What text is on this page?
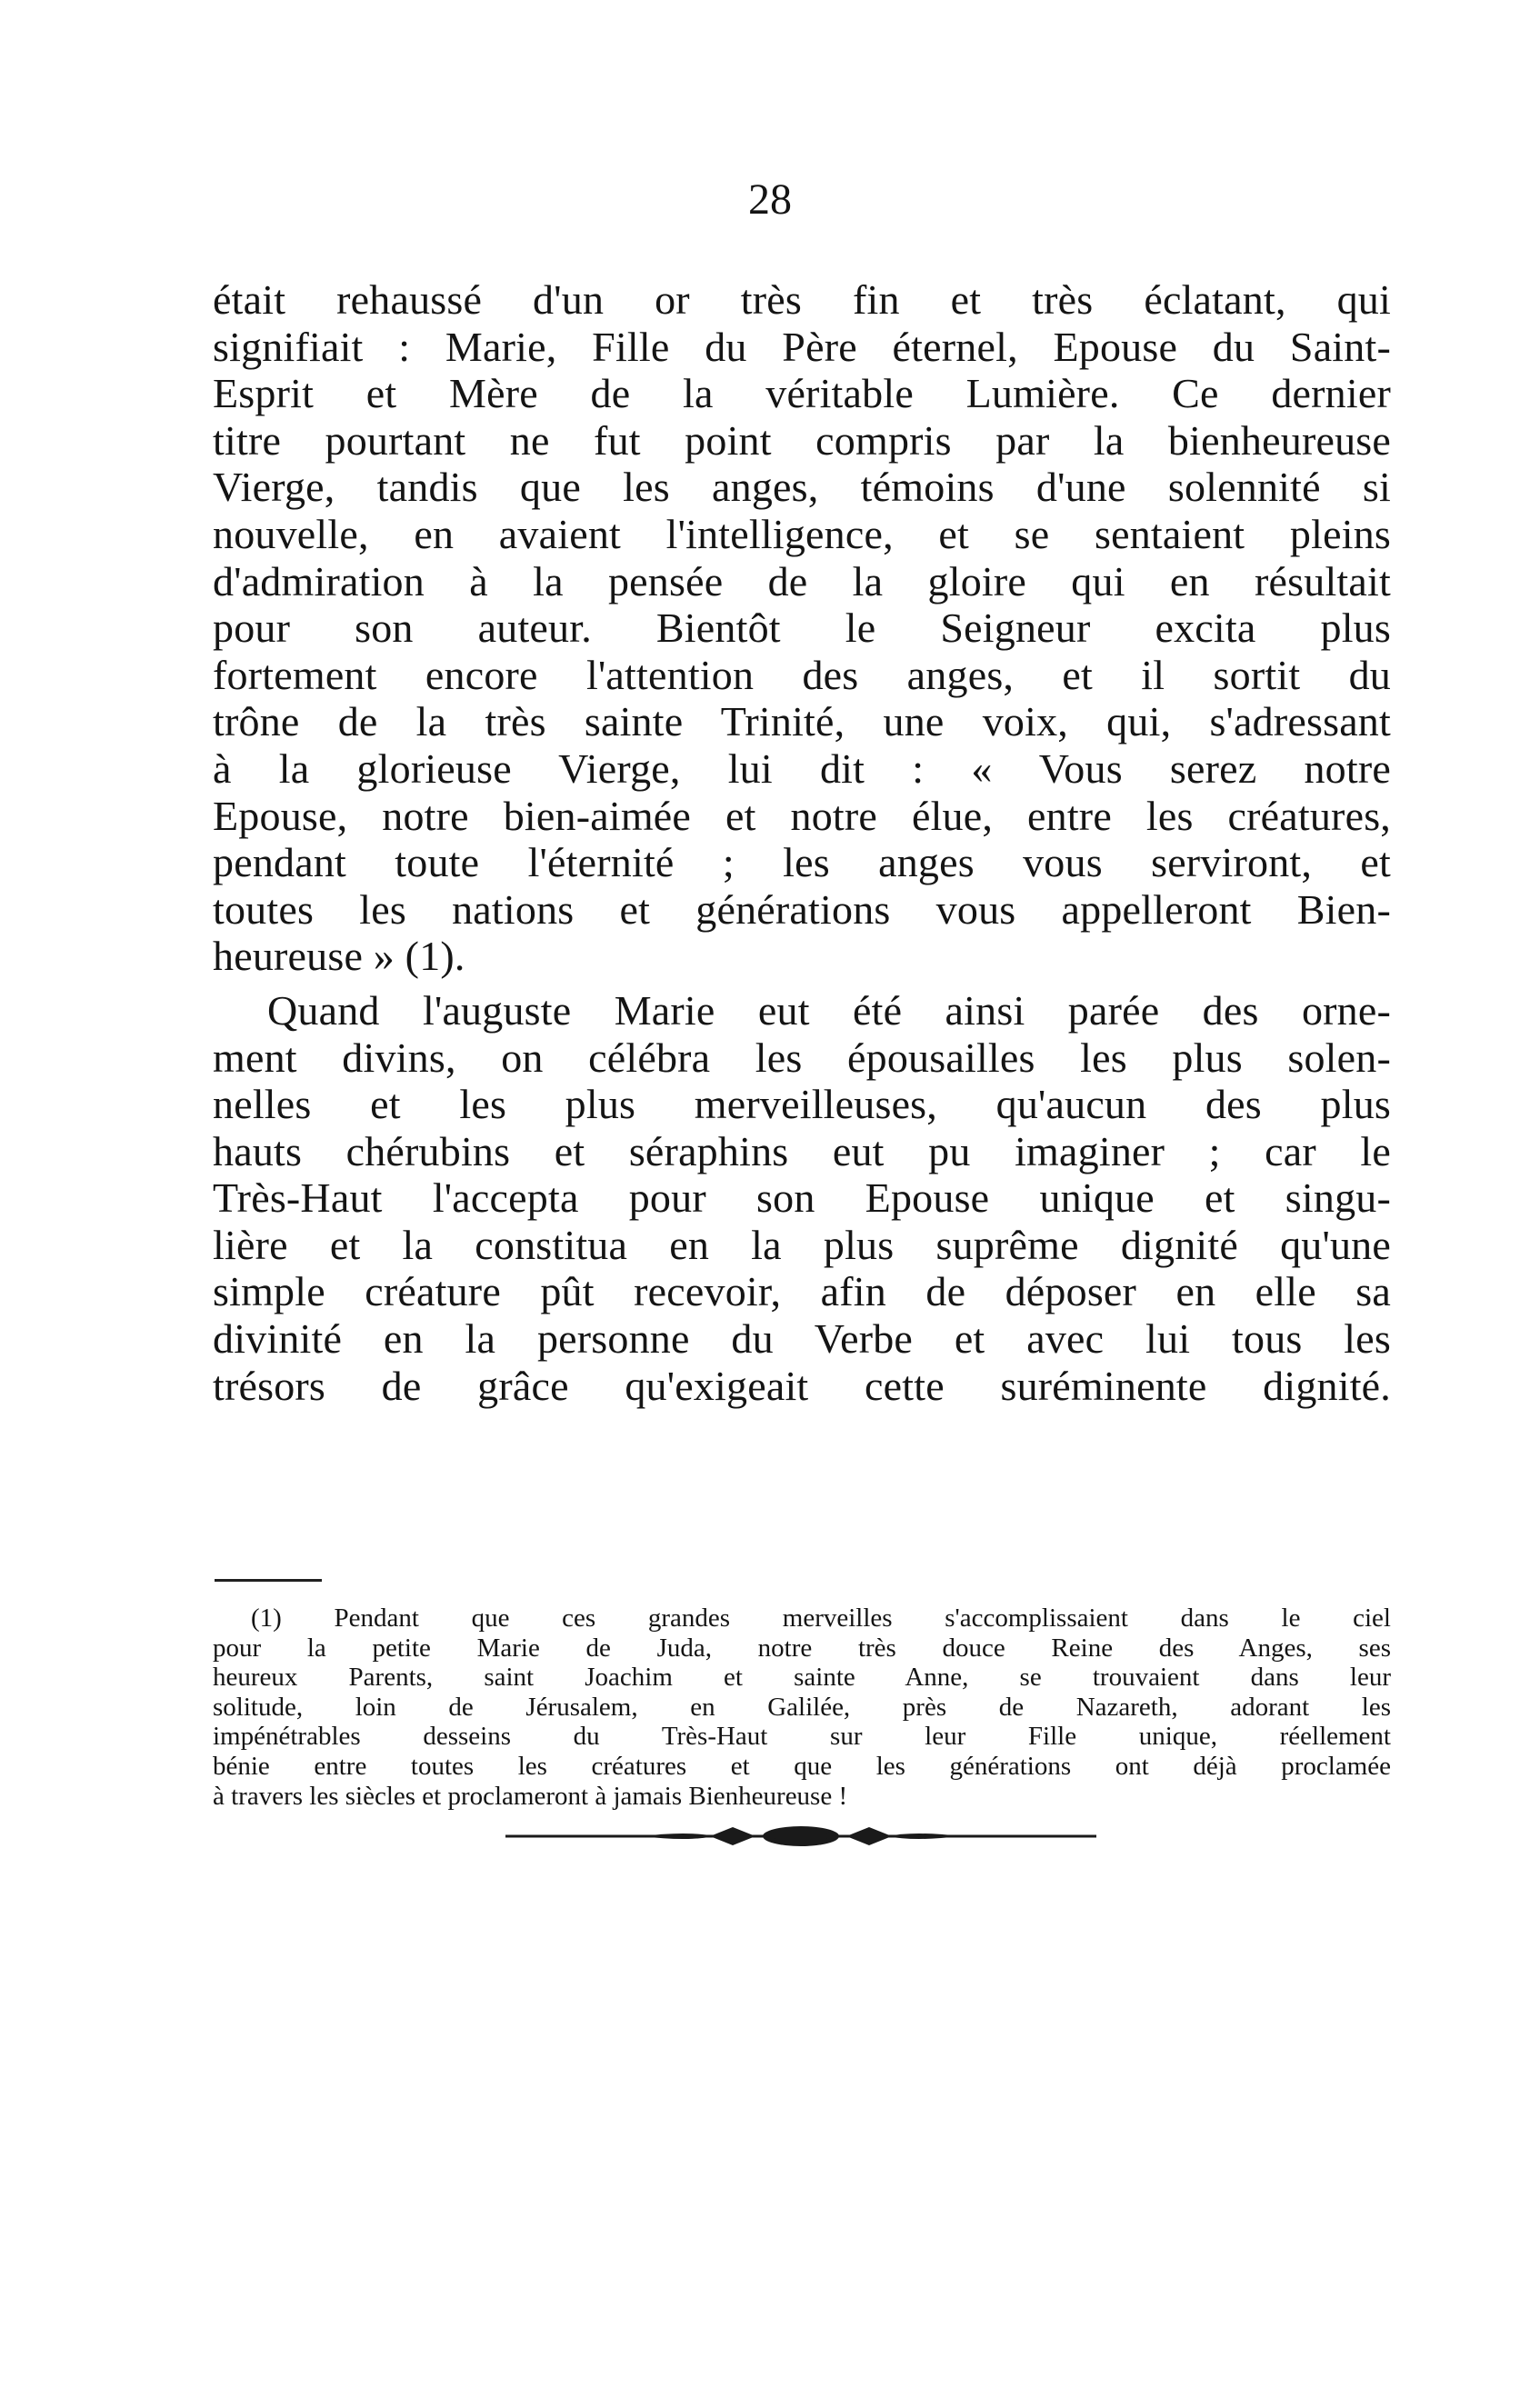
28
était rehaussé d'un or très fin et très éclatant, qui
signifiait : Marie, Fille du Père éternel, Epouse du Saint-
Esprit et Mère de la véritable Lumière. Ce dernier
titre pourtant ne fut point compris par la bienheureuse
Vierge, tandis que les anges, témoins d'une solennité si
nouvelle, en avaient l'intelligence, et se sentaient pleins
d'admiration à la pensée de la gloire qui en résultait
pour son auteur. Bientôt le Seigneur excita plus
fortement encore l'attention des anges, et il sortit du
trône de la très sainte Trinité, une voix, qui, s'adressant
à la glorieuse Vierge, lui dit : « Vous serez notre
Epouse, notre bien-aimée et notre élue, entre les créatures,
pendant toute l'éternité ; les anges vous serviront, et
toutes les nations et générations vous appelleront Bien-
heureuse » (1).
Quand l'auguste Marie eut été ainsi parée des orne-
ment divins, on célébra les épousailles les plus solen-
nelles et les plus merveilleuses, qu'aucun des plus
hauts chérubins et séraphins eut pu imaginer ; car le
Très-Haut l'accepta pour son Epouse unique et singu-
lière et la constitua en la plus suprême dignité qu'une
simple créature pût recevoir, afin de déposer en elle sa
divinité en la personne du Verbe et avec lui tous les
trésors de grâce qu'exigeait cette suréminente dignité.
(1) Pendant que ces grandes merveilles s'accomplissaient dans le ciel
pour la petite Marie de Juda, notre très douce Reine des Anges, ses
heureux Parents, saint Joachim et sainte Anne, se trouvaient dans leur
solitude, loin de Jérusalem, en Galilée, près de Nazareth, adorant les
impénétrables desseins du Très-Haut sur leur Fille unique, réellement
bénie entre toutes les créatures et que les générations ont déjà proclamée
à travers les siècles et proclameront à jamais Bienheureuse !
